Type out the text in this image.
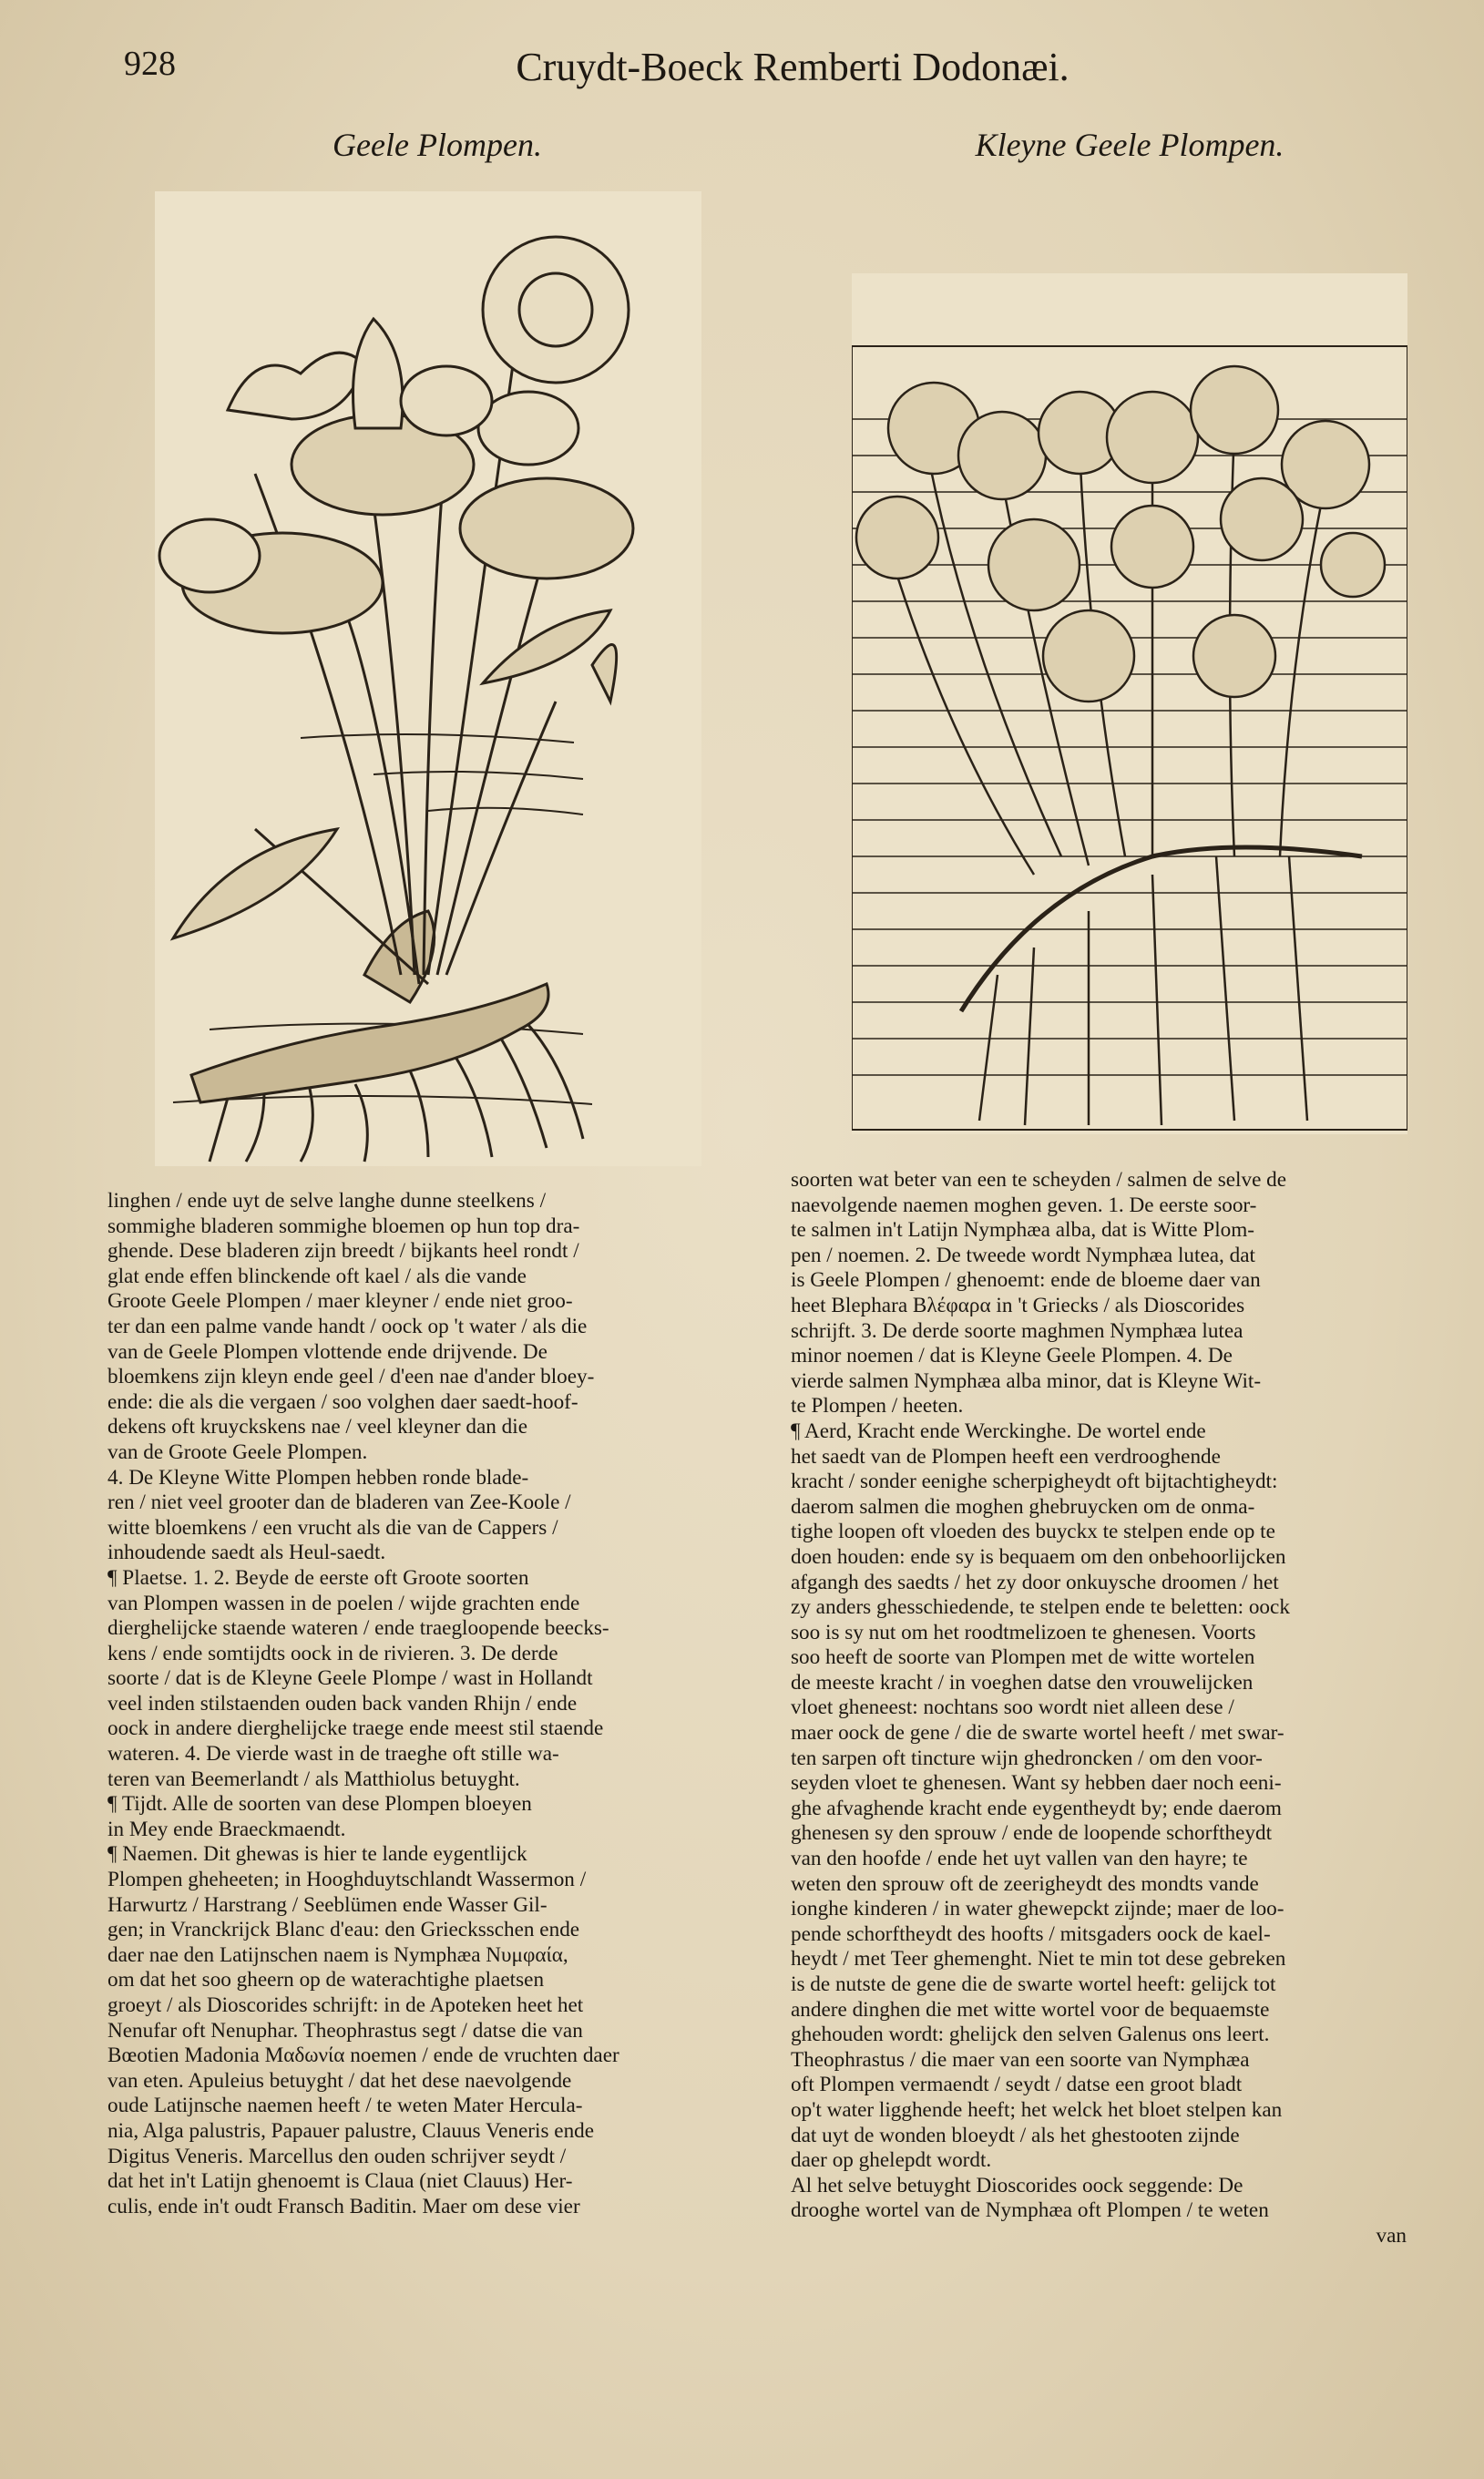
928	Cruydt-Boeck Remberti Dodonæi.
Geele Plompen.	Kleyne Geele Plompen.
linghen / ende uyt de selve langhe dunne steelkens /
sommighe bladeren sommighe bloemen op hun top dra-
ghende. Dese bladeren zijn breedt / bijkants heel rondt /
glat ende effen blinckende oft kael / als die vande
Groote Geele Plompen / maer kleyner / ende niet groo-
ter dan een palme vande handt / oock op 't water / als die
van de Geele Plompen vlottende ende drijvende. De
bloemkens zijn kleyn ende geel / d'een nae d'ander bloey-
ende: die als die vergaen / soo volghen daer saedt-hoof-
dekens oft kruyckskens nae / veel kleyner dan die
van de Groote Geele Plompen.
4. De Kleyne Witte Plompen hebben ronde blade-
ren / niet veel grooter dan de bladeren van Zee-Koole /
witte bloemkens / een vrucht als die van de Cappers /
inhoudende saedt als Heul-saedt.
¶ Plaetse. 1. 2. Beyde de eerste oft Groote soorten
van Plompen wassen in de poelen / wijde grachten ende
dierghelijcke staende wateren / ende traegloopende beecks-
kens / ende somtijdts oock in de rivieren. 3. De derde
soorte / dat is de Kleyne Geele Plompe / wast in Hollandt
veel inden stilstaenden ouden back vanden Rhijn / ende
oock in andere dierghelijcke traege ende meest stil staende
wateren. 4. De vierde wast in de traeghe oft stille wa-
teren van Beemerlandt / als Matthiolus betuyght.
¶ Tijdt. Alle de soorten van dese Plompen bloeyen
in Mey ende Braeckmaendt.
¶ Naemen. Dit ghewas is hier te lande eygentlijck
Plompen gheheeten; in Hooghduytschlandt Wassermon /
Harwurtz / Harstrang / Seeblümen ende Wasser Gil-
gen; in Vranckrijck Blanc d'eau: den Griecksschen ende
daer nae den Latijnschen naem is Nymphæa Νυμφαία,
om dat het soo gheern op de waterachtighe plaetsen
groeyt / als Dioscorides schrijft: in de Apoteken heet het
Nenufar oft Nenuphar. Theophrastus segt / datse die van
Bœotien Madonia Μαδωνία noemen / ende de vruchten daer
van eten. Apuleius betuyght / dat het dese naevolgende
oude Latijnsche naemen heeft / te weten Mater Hercula-
nia, Alga palustris, Papauer palustre, Clauus Veneris ende
Digitus Veneris. Marcellus den ouden schrijver seydt /
dat het in't Latijn ghenoemt is Claua (niet Clauus) Her-
culis, ende in't oudt Fransch Baditin. Maer om dese vier
soorten wat beter van een te scheyden / salmen de selve de
naevolgende naemen moghen geven. 1. De eerste soor-
te salmen in't Latijn Nymphæa alba, dat is Witte Plom-
pen / noemen. 2. De tweede wordt Nymphæa lutea, dat
is Geele Plompen / ghenoemt: ende de bloeme daer van
heet Blephara Βλέφαρα in 't Griecks / als Dioscorides
schrijft. 3. De derde soorte maghmen Nymphæa lutea
minor noemen / dat is Kleyne Geele Plompen. 4. De
vierde salmen Nymphæa alba minor, dat is Kleyne Wit-
te Plompen / heeten.
¶ Aerd, Kracht ende Werckinghe. De wortel ende
het saedt van de Plompen heeft een verdrooghende
kracht / sonder eenighe scherpigheydt oft bijtachtigheydt:
daerom salmen die moghen ghebruycken om de onma-
tighe loopen oft vloeden des buyckx te stelpen ende op te
doen houden: ende sy is bequaem om den onbehoorlijcken
afgangh des saedts / het zy door onkuysche droomen / het
zy anders ghesschiedende, te stelpen ende te beletten: oock
soo is sy nut om het roodtmelizoen te ghenesen. Voorts
soo heeft de soorte van Plompen met de witte wortelen
de meeste kracht / in voeghen datse den vrouwelijcken
vloet gheneest: nochtans soo wordt niet alleen dese /
maer oock de gene / die de swarte wortel heeft / met swar-
ten sarpen oft tincture wijn ghedroncken / om den voor-
seyden vloet te ghenesen. Want sy hebben daer noch eeni-
ghe afvaghende kracht ende eygentheydt by; ende daerom
ghenesen sy den sprouw / ende de loopende schorftheydt
van den hoofde / ende het uyt vallen van den hayre; te
weten den sprouw oft de zeerigheydt des mondts vande
ionghe kinderen / in water ghewepckt zijnde; maer de loo-
pende schorftheydt des hoofts / mitsgaders oock de kael-
heydt / met Teer ghemenght. Niet te min tot dese gebreken
is de nutste de gene die de swarte wortel heeft: gelijck tot
andere dinghen die met witte wortel voor de bequaemste
ghehouden wordt: ghelijck den selven Galenus ons leert.
Theophrastus / die maer van een soorte van Nymphæa
oft Plompen vermaendt / seydt / datse een groot bladt
op't water ligghende heeft; het welck het bloet stelpen kan
dat uyt de wonden bloeydt / als het ghestooten zijnde
daer op ghelepdt wordt.
Al het selve betuyght Dioscorides oock seggende: De
drooghe wortel van de Nymphæa oft Plompen / te weten
van
